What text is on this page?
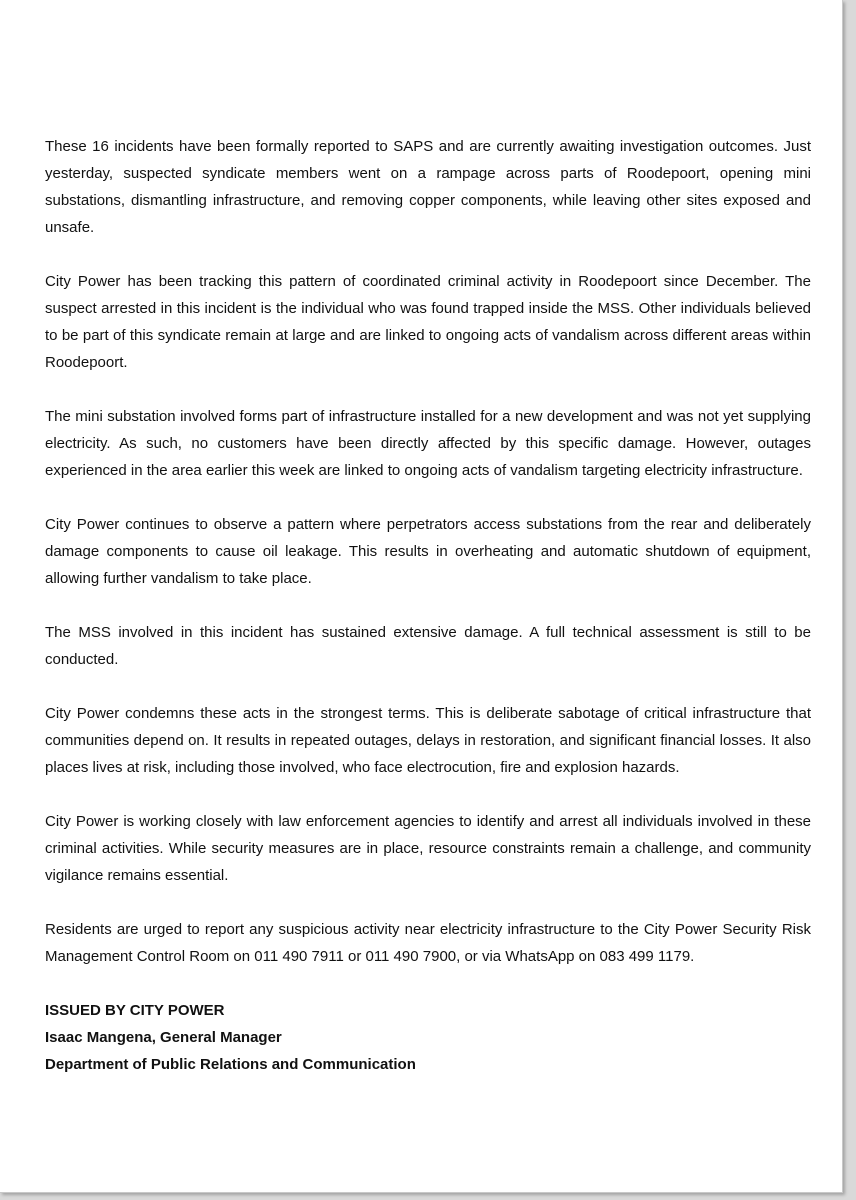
These 16 incidents have been formally reported to SAPS and are currently awaiting investigation outcomes. Just yesterday, suspected syndicate members went on a rampage across parts of Roodepoort, opening mini substations, dismantling infrastructure, and removing copper components, while leaving other sites exposed and unsafe.

City Power has been tracking this pattern of coordinated criminal activity in Roodepoort since December. The suspect arrested in this incident is the individual who was found trapped inside the MSS. Other individuals believed to be part of this syndicate remain at large and are linked to ongoing acts of vandalism across different areas within Roodepoort.

The mini substation involved forms part of infrastructure installed for a new development and was not yet supplying electricity. As such, no customers have been directly affected by this specific damage. However, outages experienced in the area earlier this week are linked to ongoing acts of vandalism targeting electricity infrastructure.

City Power continues to observe a pattern where perpetrators access substations from the rear and deliberately damage components to cause oil leakage. This results in overheating and automatic shutdown of equipment, allowing further vandalism to take place.

The MSS involved in this incident has sustained extensive damage. A full technical assessment is still to be conducted.

City Power condemns these acts in the strongest terms. This is deliberate sabotage of critical infrastructure that communities depend on. It results in repeated outages, delays in restoration, and significant financial losses. It also places lives at risk, including those involved, who face electrocution, fire and explosion hazards.

City Power is working closely with law enforcement agencies to identify and arrest all individuals involved in these criminal activities. While security measures are in place, resource constraints remain a challenge, and community vigilance remains essential.

Residents are urged to report any suspicious activity near electricity infrastructure to the City Power Security Risk Management Control Room on 011 490 7911 or 011 490 7900, or via WhatsApp on 083 499 1179.

ISSUED BY CITY POWER
Isaac Mangena, General Manager
Department of Public Relations and Communication
